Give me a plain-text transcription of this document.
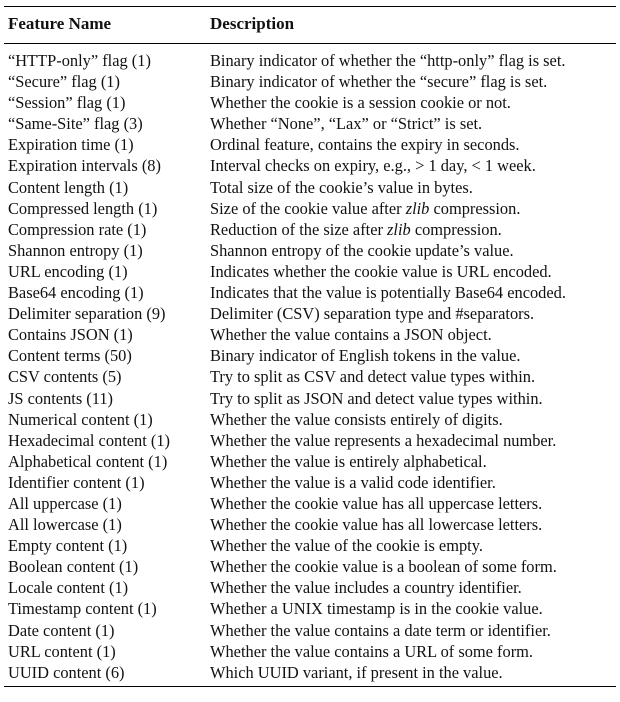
Feature Name	Description
“HTTP-only” flag (1)	Binary indicator of whether the “http-only” flag is set.
“Secure” flag (1)	Binary indicator of whether the “secure” flag is set.
“Session” flag (1)	Whether the cookie is a session cookie or not.
“Same-Site” flag (3)	Whether “None”, “Lax” or “Strict” is set.
Expiration time (1)	Ordinal feature, contains the expiry in seconds.
Expiration intervals (8)	Interval checks on expiry, e.g., > 1 day, < 1 week.
Content length (1)	Total size of the cookie’s value in bytes.
Compressed length (1)	Size of the cookie value after zlib compression.
Compression rate (1)	Reduction of the size after zlib compression.
Shannon entropy (1)	Shannon entropy of the cookie update’s value.
URL encoding (1)	Indicates whether the cookie value is URL encoded.
Base64 encoding (1)	Indicates that the value is potentially Base64 encoded.
Delimiter separation (9)	Delimiter (CSV) separation type and #separators.
Contains JSON (1)	Whether the value contains a JSON object.
Content terms (50)	Binary indicator of English tokens in the value.
CSV contents (5)	Try to split as CSV and detect value types within.
JS contents (11)	Try to split as JSON and detect value types within.
Numerical content (1)	Whether the value consists entirely of digits.
Hexadecimal content (1)	Whether the value represents a hexadecimal number.
Alphabetical content (1)	Whether the value is entirely alphabetical.
Identifier content (1)	Whether the value is a valid code identifier.
All uppercase (1)	Whether the cookie value has all uppercase letters.
All lowercase (1)	Whether the cookie value has all lowercase letters.
Empty content (1)	Whether the value of the cookie is empty.
Boolean content (1)	Whether the cookie value is a boolean of some form.
Locale content (1)	Whether the value includes a country identifier.
Timestamp content (1)	Whether a UNIX timestamp is in the cookie value.
Date content (1)	Whether the value contains a date term or identifier.
URL content (1)	Whether the value contains a URL of some form.
UUID content (6)	Which UUID variant, if present in the value.
